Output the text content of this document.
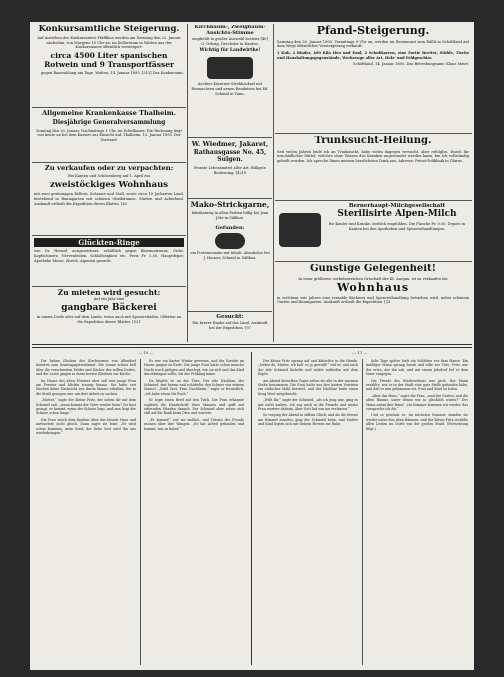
Konkursamtliche Steigerung.
Auf Anstehen des Konkursamtes Pfäffikon werden am Dienstag den 22. Januar nächsthin, von Morgens 10 Uhr an, im Kellerraum in Watten aus der Konkursmasse öffentlich versteigert:
circa 4500 Liter spanischen Rotwein und 9 Transportfässer
gegen Baarzahlung am Tage. Watten, 14. Januar 1895. [515] Das Konkursamt.
Allgemeine Krankenkasse Thalheim.
Diesjährige Generalversammlung
Sonntag den 20. Januar, Nachmittags 1 Uhr, im Schulhause. Die Rechnung liegt von heute an bei dem Kassier zur Einsicht auf. Thalheim, 12. Januar 1895. Der Vorstand.
Zu verkaufen oder zu verpachten:
Bei Kanten und Schönenberg auf 1. April ein
zweistöckiges Wohnhaus
mit zwei geräumigen Kellern, Scheune und Stall, sowie circa 10 Jucharten Land, bestehend in Baumgarten mit schönen Obstbäumen, Matten und Ackerland. Auskunft ertheilt die Expedition dieses Blattes. [62
Glückten-Ringe
von Dr. Hensel, ausgezeichnet, erhältlich gegen Rheumatismus, Gicht, Kopfschmerz, Nervenleiden, Schlaflosigkeit etc. Preis Fr. 2.50. Hauptdepot: Apotheke Moser, Zürich. Agenten gesucht.
Zu mieten wird gesucht:
Auf ein Jahr eine
gangbare Bäckerei
in einem Dorfe oder auf dem Lande, wenn auch mit Spezereiladen. Offerten an die Expedition dieses Blattes. [521
Kirchbaum-, Zweigbaum-Ansichts-Stimme
empfiehlt in großer Auswahl bestens [40] G. Gehrig, Drechsler in Kanten.
Wichtig für Landwirthe!
Aechter Kärntner-Strohhäcksel mit Eisenachsen und neuen Bandeisen bei Ed. Schmid in Tann.
W. Wiedmer, Jakaret,
Rathausgasse No. 45, Sulgen.
Feinste Lebensmittel aller Art. Billigste Bedienung. [4219
Mako-Strickgarne,
fabrikaturig in allen Farben billig bei Jean Jöhr in Säfikon.
Gefunden:
ein Portemonnaie mit Inhalt. Abzuholen bei J. Hauser, Schmid in Säfikon.
Gesucht:
Ein braver Knabe auf das Land. Auskunft bei der Expedition. [97
Pfand-Steigerung.
Samstag den 26. Januar 1895, Vormittags 9 Uhr an, werden im Restaurant zum Rößli in Schöftland auf dem Wege öffentlicher Versteigerung verkauft:
1 Kuh, 2 Rinder, 400 Kilo Heu und Emd, 2 Schubkarren, eine Partie Bretter, Stühle, Tische und Haushaltungsgegenstände, Werkzeuge aller Art, Holz- und Feldgeschirr.
Schöftland, 14. Januar 1895. Das Betreibungsamt: Klaus Meier.
Trunksucht-Heilung.
Seit vielen Jahren leide ich an Trunksucht, habe vieles dagegen versucht, aber erfolglos. Durch Ihr unschädliches Mittel, welches ohne Wissen des Kranken angewendet werden kann, bin ich vollständig geheilt worden. Ich spreche Ihnen meinen herzlichsten Dank aus. Adresse: Privat-Poliklinik in Glarus.
Bernerhaupt-Milchgesellschaft
Sterilisirte Alpen-Milch
für Kinder und Kranke, ärztlich empfohlen. Die Flasche Fr. 0.50. Depots in Kanten bei den Apotheken und Spezereihandlungen.
Günstige Gelegenheit!
In einer größeren, verkehrsreichen Ortschaft des Kt. Aargau, ist zu verkaufen ein
Wohnhaus
in welchem seit Jahren eine rentable Bäckerei und Spezereihandlung betrieben wird, nebst schönem Garten und Baumgarten. Auskunft ertheilt die Expedition. [33
— 10 —	— 11 —

Die lieben Glocken des Kirchturmes von Allendorf läuteten zum Sonntagsgottesdienst. Die Sonne schien hell über die verschneiten Felder und Dächer des stillen Dorfes, und die Leute gingen in ihren besten Kleidern zur Kirche.

Im Hause des alten Försters aber saß eine junge Frau am Fenster und blickte traurig hinaus. Sie hatte seit Wochen keine Nachricht von ihrem Manne erhalten, der in die Stadt gezogen war, um dort Arbeit zu suchen.

„Mutter,“ sagte der kleine Fritz, der neben ihr auf dem Schemel saß, „wann kommt der Vater wieder heim? Du hast gesagt, er kommt, wenn der Schnee liegt, und nun liegt der Schnee schon lange.“

Die Frau strich dem Knaben über das blonde Haar und antwortete nicht gleich. Dann sagte sie leise: „Er wird schon kommen, mein Kind; der liebe Gott wird ihn uns wiederbringen.“

Es war ein harter Winter gewesen, und die Vorräte im Hause gingen zu Ende. Die junge Frau hatte schon manche Nacht wach gelegen und überlegt, wie sie sich und das Kind durchbringen sollte, bis der Frühling käme.

Da klopfte es an der Türe. Der alte Nachbar, der Schmied, trat herein und schüttelte den Schnee von seinem Mantel. „Grüß Gott, Frau Nachbarin,“ sagte er freundlich, „ich habe etwas für Euch.“

Er legte einen Brief auf den Tisch. Die Frau erkannte sogleich die Handschrift ihres Mannes und griff mit zitternden Händen danach. Der Schmied aber setzte sich still auf die Bank beim Ofen und wartete.

„Er kommt!“ rief sie endlich, und Tränen der Freude rannen über ihre Wangen. „Er hat Arbeit gefunden und kommt, uns zu holen!“

Der kleine Fritz sprang auf und klatschte in die Hände. „Siehst du, Mutter, ich hab' es ja gewußt!“ rief er, und auch der alte Schmied lächelte und nickte zufrieden mit dem Kopfe.

Am Abend desselben Tages saßen sie alle in der warmen Stube beisammen. Die Frau hatte aus den letzten Vorräten ein einfaches Mahl bereitet, und der Nachbar hatte einen Krug Most mitgebracht.

„Wißt Ihr,“ sagte der Schmied, „als ich jung war, ging es mir nicht anders. Ich zog auch in die Fremde und meine Frau wartete daheim. Aber Gott hat uns nie verlassen.“

So verging der Abend in stillem Glück, und als die Sterne am Himmel standen, ging der Schmied heim, und Mutter und Kind legten sich mit frohem Herzen zur Ruhe.

Acht Tage später hielt ein Schlitten vor dem Hause. Ein kräftiger Mann sprang herab und eilte zur Türe. Fritz war der erste, der ihn sah, und mit einem Jubelruf lief er dem Vater entgegen.

Die Freude des Wiedersehens war groß. Der Mann erzählte, wie er in der Stadt eine gute Stelle gefunden habe, und daß er nun gekommen sei, Frau und Kind zu holen.

„Aber das Haus,“ sagte die Frau, „und der Garten, und die alten Bäume, unter denen wir so glücklich waren?“ Der Mann nahm ihre Hand: „Im Sommer kommen wir wieder, das verspreche ich dir.“

Und so geschah es. Im nächsten Sommer standen sie wieder unter den alten Bäumen, und der kleine Fritz erzählte allen Leuten im Dorfe von der großen Stadt. (Fortsetzung folgt.)
